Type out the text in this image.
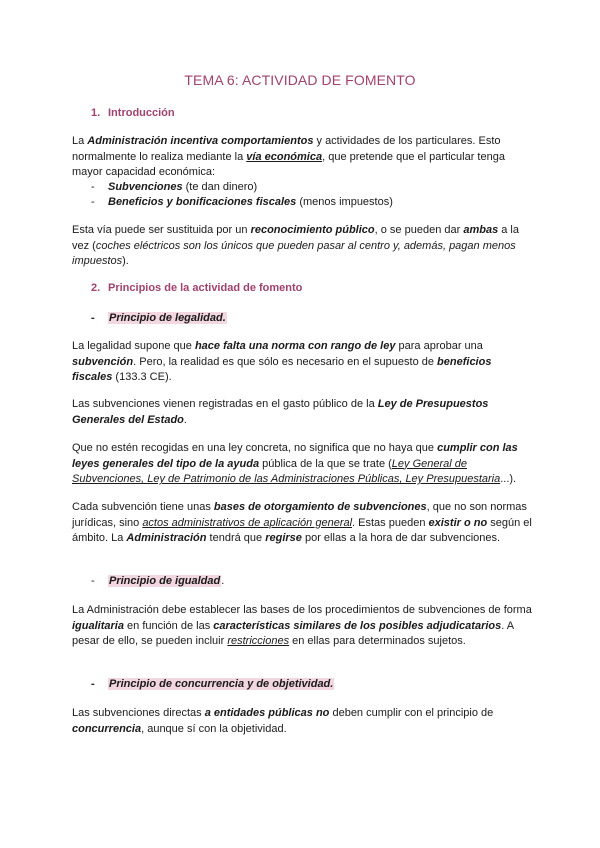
TEMA 6: ACTIVIDAD DE FOMENTO
1. Introducción
La Administración incentiva comportamientos y actividades de los particulares. Esto normalmente lo realiza mediante la vía económica, que pretende que el particular tenga mayor capacidad económica:
- Subvenciones (te dan dinero)
- Beneficios y bonificaciones fiscales (menos impuestos)
Esta vía puede ser sustituida por un reconocimiento público, o se pueden dar ambas a la vez (coches eléctricos son los únicos que pueden pasar al centro y, además, pagan menos impuestos).
2. Principios de la actividad de fomento
- Principio de legalidad.
La legalidad supone que hace falta una norma con rango de ley para aprobar una subvención. Pero, la realidad es que sólo es necesario en el supuesto de beneficios fiscales (133.3 CE).
Las subvenciones vienen registradas en el gasto público de la Ley de Presupuestos Generales del Estado.
Que no estén recogidas en una ley concreta, no significa que no haya que cumplir con las leyes generales del tipo de la ayuda pública de la que se trate (Ley General de Subvenciones, Ley de Patrimonio de las Administraciones Públicas, Ley Presupuestaria...).
Cada subvención tiene unas bases de otorgamiento de subvenciones, que no son normas jurídicas, sino actos administrativos de aplicación general. Estas pueden existir o no según el ámbito. La Administración tendrá que regirse por ellas a la hora de dar subvenciones.
- Principio de igualdad.
La Administración debe establecer las bases de los procedimientos de subvenciones de forma igualitaria en función de las características similares de los posibles adjudicatarios. A pesar de ello, se pueden incluir restricciones en ellas para determinados sujetos.
- Principio de concurrencia y de objetividad.
Las subvenciones directas a entidades públicas no deben cumplir con el principio de concurrencia, aunque sí con la objetividad.
